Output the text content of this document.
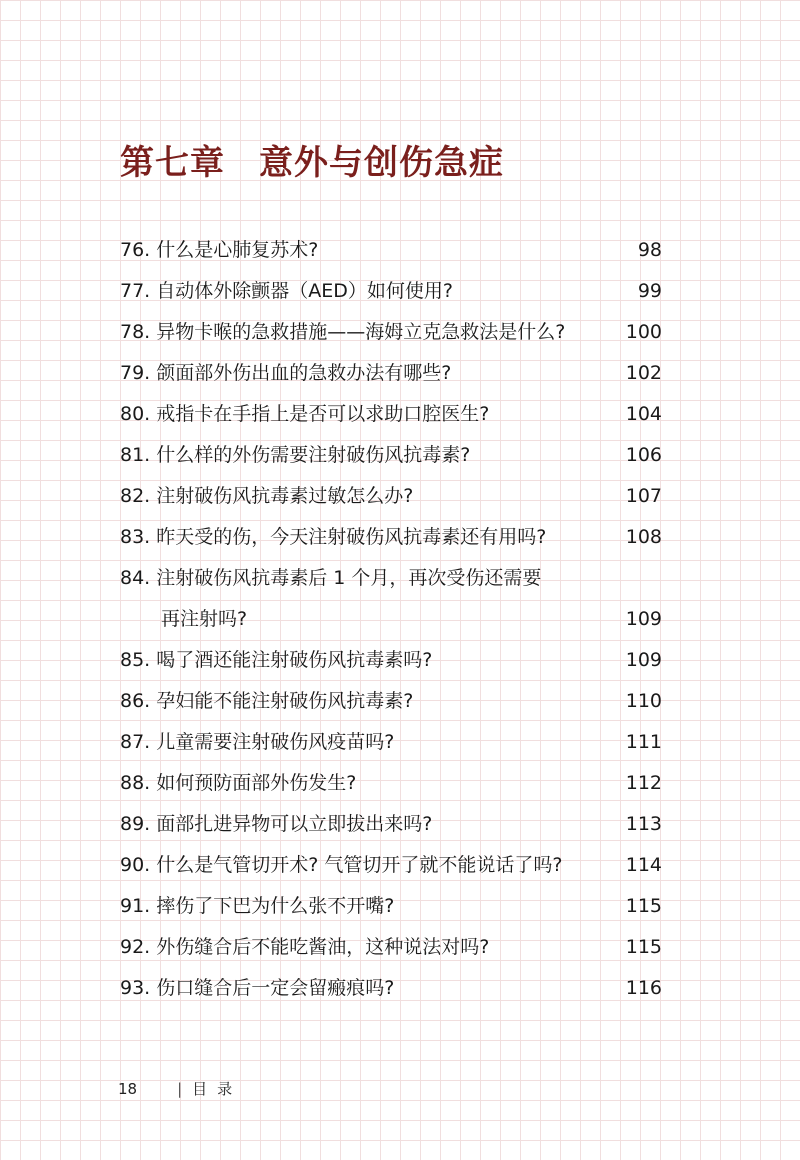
第七章 意外与创伤急症
76. 什么是心肺复苏术?	98
77. 自动体外除颤器（AED）如何使用?	99
78. 异物卡喉的急救措施——海姆立克急救法是什么?	100
79. 颌面部外伤出血的急救办法有哪些?	102
80. 戒指卡在手指上是否可以求助口腔医生?	104
81. 什么样的外伤需要注射破伤风抗毒素?	106
82. 注射破伤风抗毒素过敏怎么办?	107
83. 昨天受的伤，今天注射破伤风抗毒素还有用吗?	108
84. 注射破伤风抗毒素后 1 个月，再次受伤还需要
再注射吗?	109
85. 喝了酒还能注射破伤风抗毒素吗?	109
86. 孕妇能不能注射破伤风抗毒素?	110
87. 儿童需要注射破伤风疫苗吗?	111
88. 如何预防面部外伤发生?	112
89. 面部扎进异物可以立即拔出来吗?	113
90. 什么是气管切开术? 气管切开了就不能说话了吗?	114
91. 摔伤了下巴为什么张不开嘴?	115
92. 外伤缝合后不能吃酱油，这种说法对吗?	115
93. 伤口缝合后一定会留瘢痕吗?	116
18	| 目录
